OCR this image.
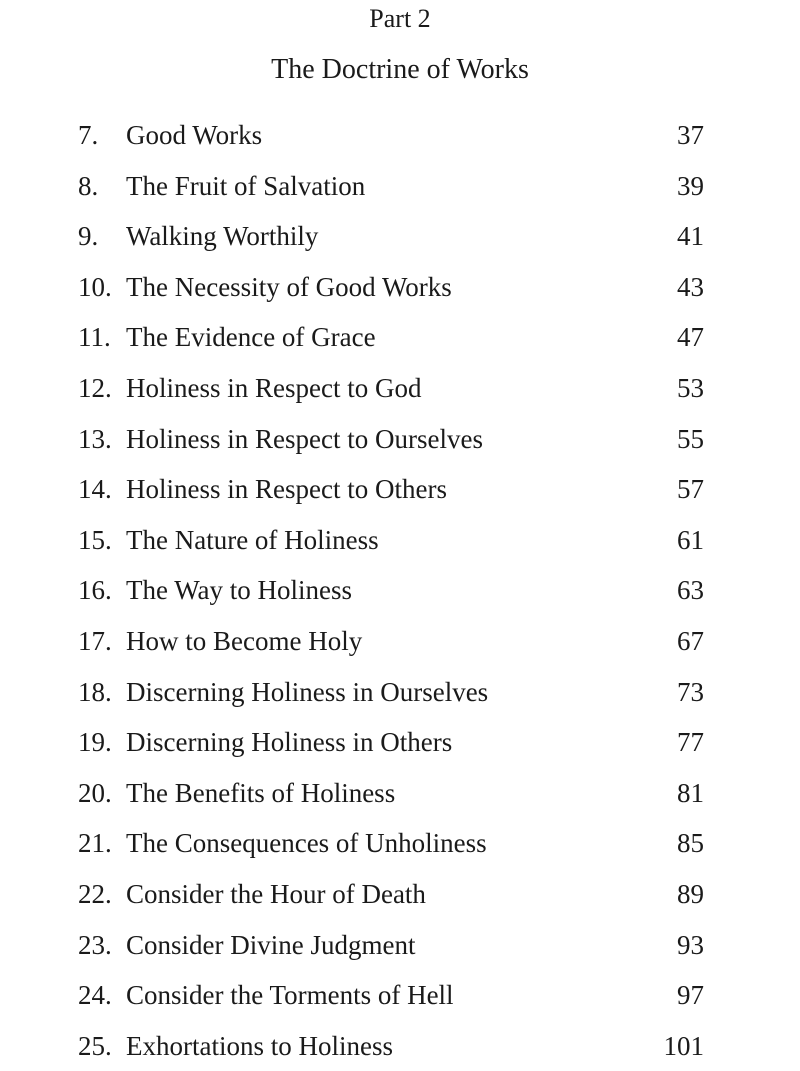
Part 2
The Doctrine of Works
7. Good Works	37
8. The Fruit of Salvation	39
9. Walking Worthily	41
10. The Necessity of Good Works	43
11. The Evidence of Grace	47
12. Holiness in Respect to God	53
13. Holiness in Respect to Ourselves	55
14. Holiness in Respect to Others	57
15. The Nature of Holiness	61
16. The Way to Holiness	63
17. How to Become Holy	67
18. Discerning Holiness in Ourselves	73
19. Discerning Holiness in Others	77
20. The Benefits of Holiness	81
21. The Consequences of Unholiness	85
22. Consider the Hour of Death	89
23. Consider Divine Judgment	93
24. Consider the Torments of Hell	97
25. Exhortations to Holiness	101
